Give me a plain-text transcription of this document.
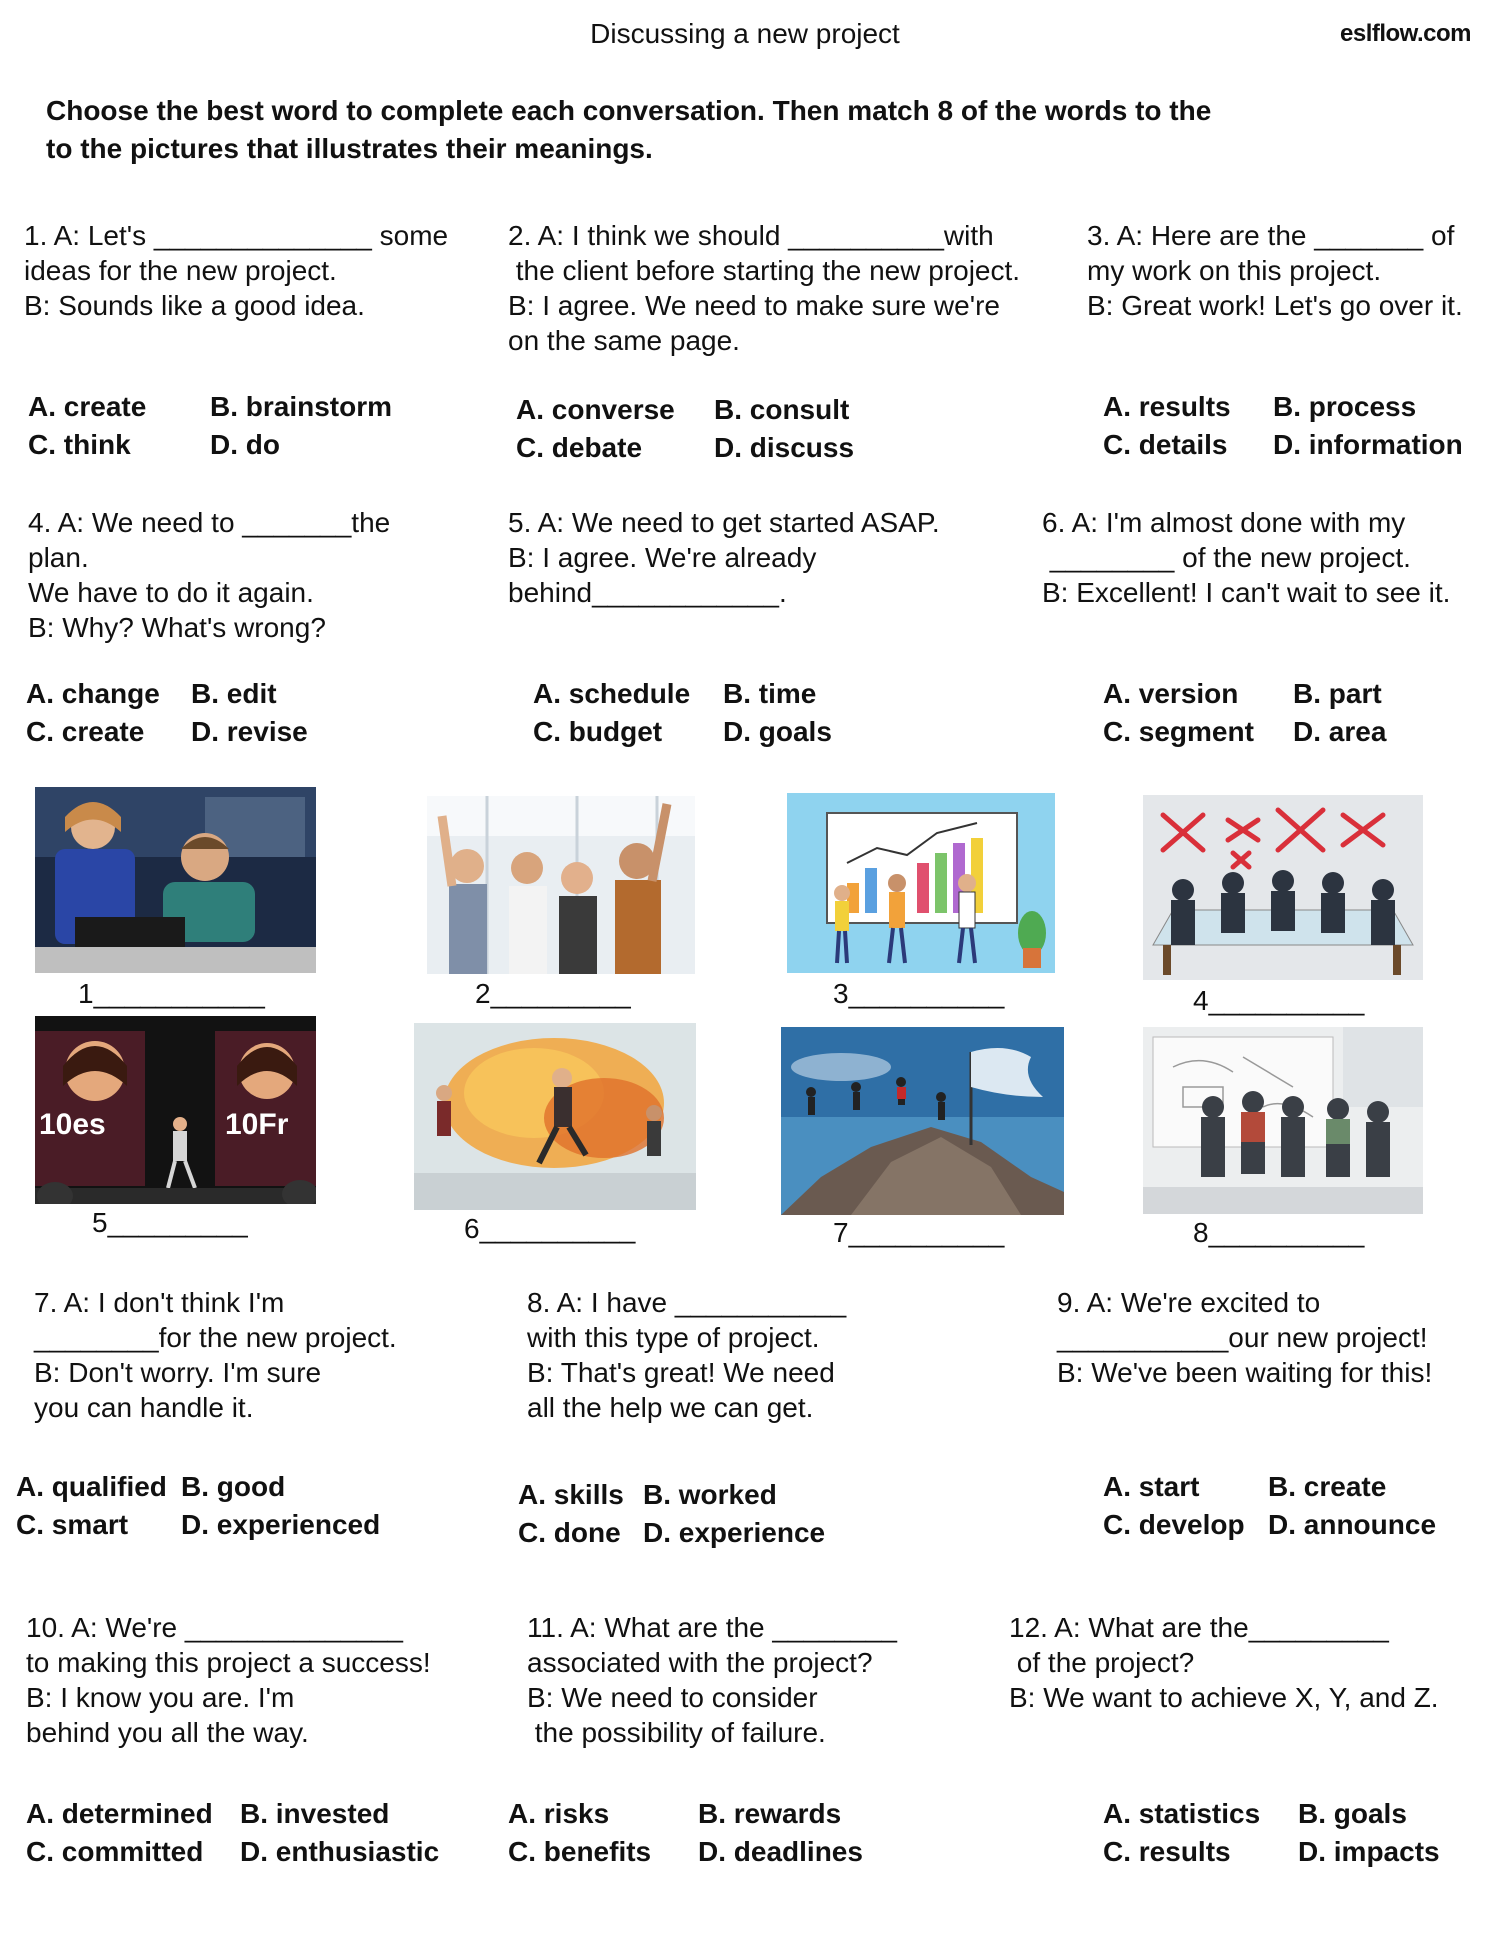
Discussing a new project	eslflow.com
Choose the best word to complete each conversation. Then match 8 of the words to the
to the pictures that illustrates their meanings.
1. A: Let's ______________ some
ideas for the new project.
B: Sounds like a good idea.
A. create B. brainstorm
C. think	D. do
2. A: I think we should __________with
the client before starting the new project.
B: I agree. We need to make sure we're
on the same page.
A. converse B. consult
C. debate	D. discuss
3. A: Here are the _______ of
my work on this project.
B: Great work! Let's go over it.
A. results B. process
C. details D. information
4. A: We need to _______the
plan.
We have to do it again.
B: Why? What's wrong?
A. change B. edit
C. create D. revise
5. A: We need to get started ASAP.
B: I agree. We're already
behind____________.
A. schedule B. time
C. budget D. goals
6. A: I'm almost done with my
________ of the new project.
B: Excellent! I can't wait to see it.
A. version B. part
C. segment D. area
7. A: I don't think I'm
________for the new project.
B: Don't worry. I'm sure
you can handle it.
A. qualified B. good
C. smart D. experienced
8. A: I have ___________
with this type of project.
B: That's great! We need
all the help we can get.
A. skills B. worked
C. done D. experience
9. A: We're excited to
___________our new project!
B: We've been waiting for this!
A. start B. create
C. develop D. announce
10. A: We're ______________
to making this project a success!
B: I know you are. I'm
behind you all the way.
A. determined B. invested
C. committed D. enthusiastic
11. A: What are the ________
associated with the project?
B: We need to consider
the possibility of failure.
A. risks	B. rewards
C. benefits D. deadlines
12. A: What are the_________
of the project?
B: We want to achieve X, Y, and Z.
A. statistics B. goals
C. results D. impacts
10es	10Fr
1___________	2_________	3__________	4__________
5_________	6__________	7__________	8__________
